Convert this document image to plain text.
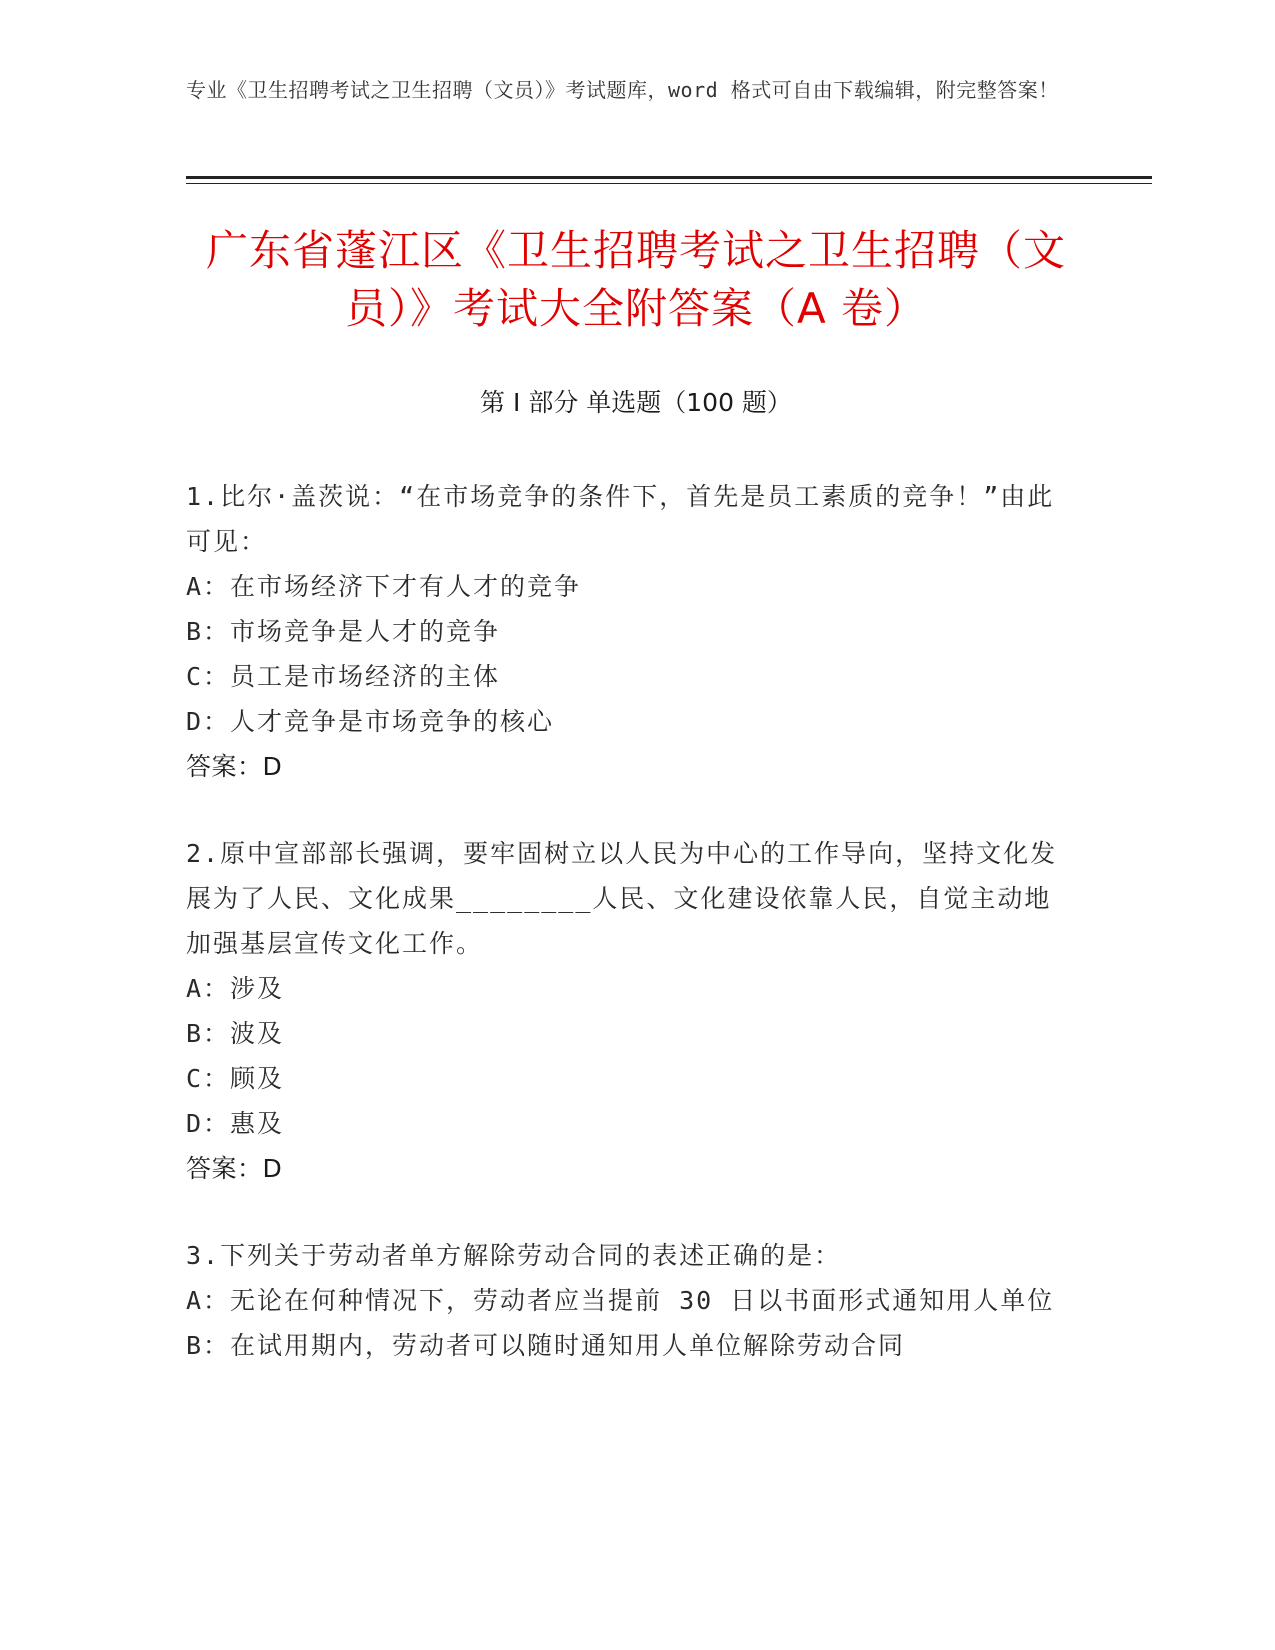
专业《卫生招聘考试之卫生招聘（文员）》考试题库，word 格式可自由下载编辑，附完整答案！
广东省蓬江区《卫生招聘考试之卫生招聘（文员）》考试大全附答案（A 卷）
第 I 部分 单选题（100 题）

1.比尔·盖茨说：“在市场竞争的条件下，首先是员工素质的竞争！”由此可见：

A：在市场经济下才有人才的竞争

B：市场竞争是人才的竞争

C：员工是市场经济的主体

D：人才竞争是市场竞争的核心

答案：D

2.原中宣部部长强调，要牢固树立以人民为中心的工作导向，坚持文化发展为了人民、文化成果________人民、文化建设依靠人民，自觉主动地加强基层宣传文化工作。

A：涉及

B：波及

C：顾及

D：惠及

答案：D

3.下列关于劳动者单方解除劳动合同的表述正确的是：

A：无论在何种情况下，劳动者应当提前 30 日以书面形式通知用人单位

B：在试用期内，劳动者可以随时通知用人单位解除劳动合同
